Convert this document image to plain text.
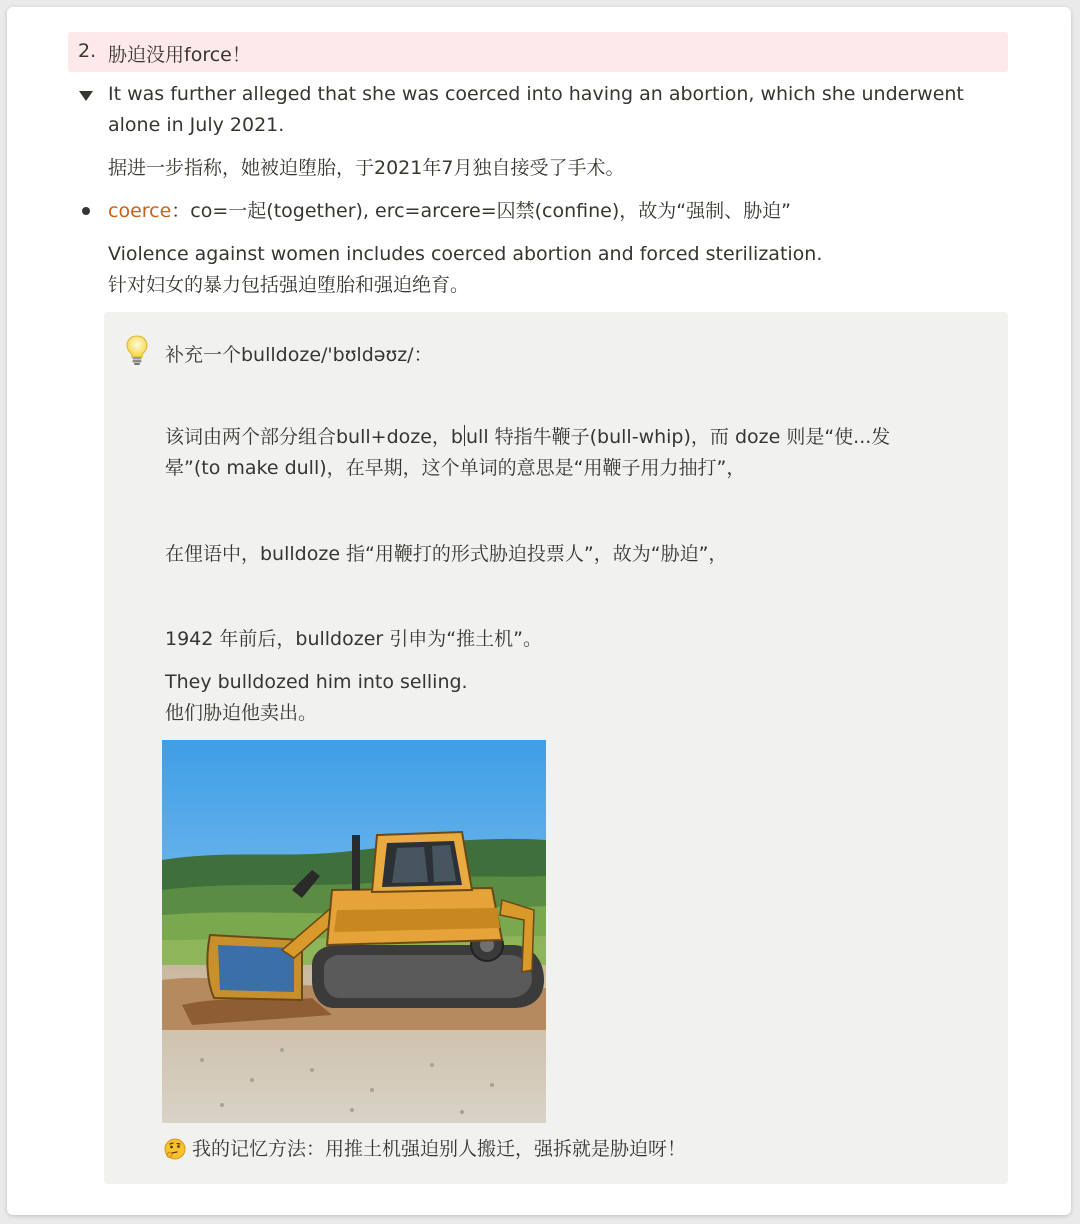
2. 胁迫没用force！
It was further alleged that she was coerced into having an abortion, which she underwent
alone in July 2021.
据进一步指称，她被迫堕胎，于2021年7月独自接受了手术。
coerce：co=一起(together), erc=arcere=囚禁(confine)，故为“强制、胁迫”
Violence against women includes coerced abortion and forced sterilization.
针对妇女的暴力包括强迫堕胎和强迫绝育。
补充一个bulldoze/'bʊldəʊz/：
该词由两个部分组合bull+doze，b ull 特指牛鞭子(bull-whip)，而 doze 则是“使...发
晕”(to make dull)，在早期，这个单词的意思是“用鞭子用力抽打”，
在俚语中，bulldoze 指“用鞭打的形式胁迫投票人”，故为“胁迫”，
1942 年前后，bulldozer 引申为“推土机”。
They bulldozed him into selling.
他们胁迫他卖出。
我的记忆方法：用推土机强迫别人搬迁，强拆就是胁迫呀！
